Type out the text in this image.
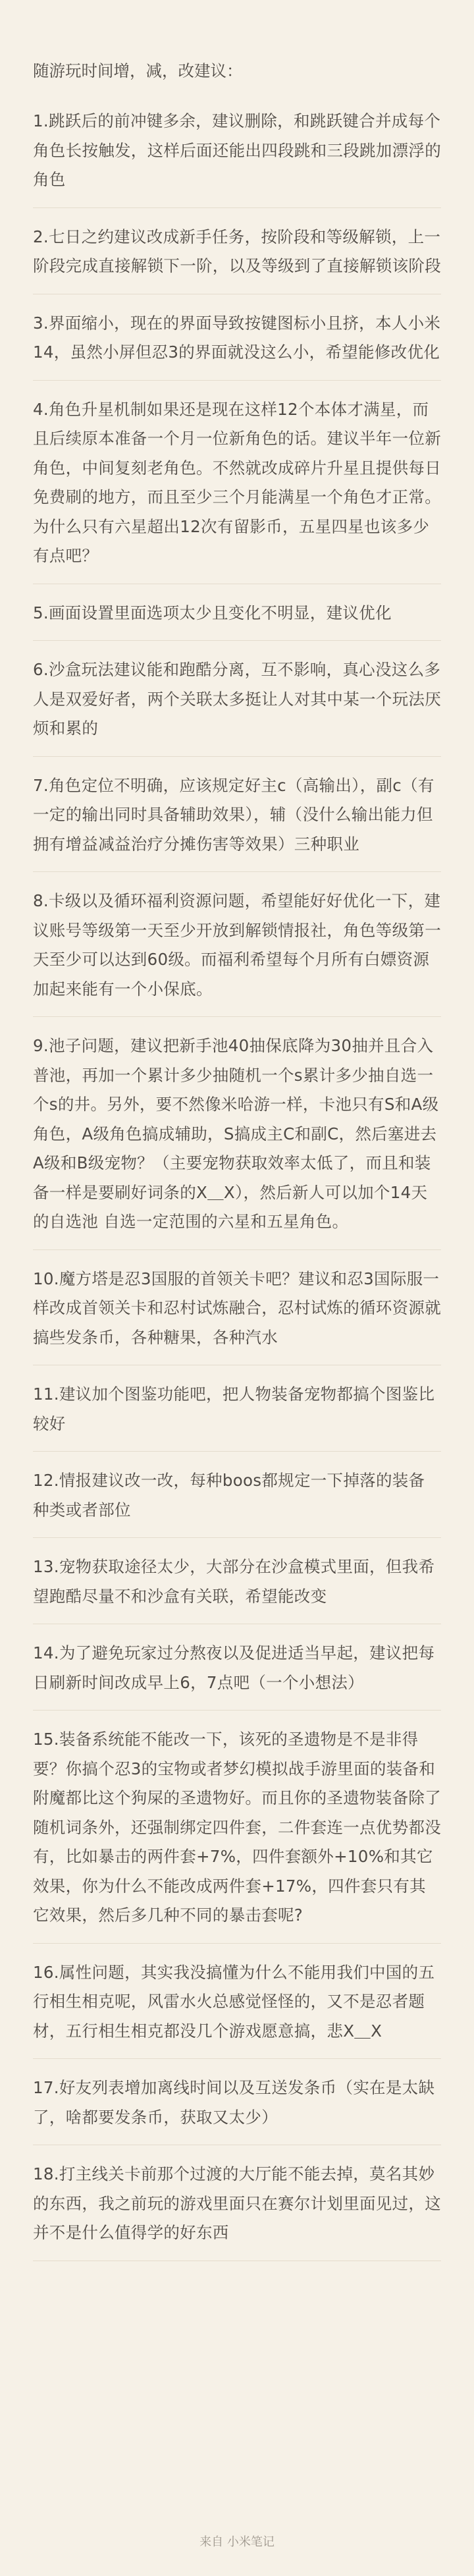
随游玩时间增，减，改建议：
1.跳跃后的前冲键多余，建议删除，和跳跃键合并成每个角色长按触发，这样后面还能出四段跳和三段跳加漂浮的角色
2.七日之约建议改成新手任务，按阶段和等级解锁，上一阶段完成直接解锁下一阶，以及等级到了直接解锁该阶段
3.界面缩小，现在的界面导致按键图标小且挤，本人小米14，虽然小屏但忍3的界面就没这么小，希望能修改优化
4.角色升星机制如果还是现在这样12个本体才满星，而且后续原本准备一个月一位新角色的话。建议半年一位新角色，中间复刻老角色。不然就改成碎片升星且提供每日免费刷的地方，而且至少三个月能满星一个角色才正常。为什么只有六星超出12次有留影币，五星四星也该多少有点吧？
5.画面设置里面选项太少且变化不明显，建议优化
6.沙盒玩法建议能和跑酷分离，互不影响，真心没这么多人是双爱好者，两个关联太多挺让人对其中某一个玩法厌烦和累的
7.角色定位不明确，应该规定好主c（高输出），副c（有一定的输出同时具备辅助效果），辅（没什么输出能力但拥有增益减益治疗分摊伤害等效果）三种职业
8.卡级以及循环福利资源问题，希望能好好优化一下，建议账号等级第一天至少开放到解锁情报社，角色等级第一天至少可以达到60级。而福利希望每个月所有白嫖资源加起来能有一个小保底。
9.池子问题，建议把新手池40抽保底降为30抽并且合入普池，再加一个累计多少抽随机一个s累计多少抽自选一个s的井。另外，要不然像米哈游一样，卡池只有S和A级角色，A级角色搞成辅助，S搞成主C和副C，然后塞进去A级和B级宠物？（主要宠物获取效率太低了，而且和装备一样是要刷好词条的X＿X），然后新人可以加个14天的自选池 自选一定范围的六星和五星角色。
10.魔方塔是忍3国服的首领关卡吧？建议和忍3国际服一样改成首领关卡和忍村试炼融合，忍村试炼的循环资源就搞些发条币，各种糖果，各种汽水
11.建议加个图鉴功能吧，把人物装备宠物都搞个图鉴比较好
12.情报建议改一改，每种boos都规定一下掉落的装备种类或者部位
13.宠物获取途径太少，大部分在沙盒模式里面，但我希望跑酷尽量不和沙盒有关联，希望能改变
14.为了避免玩家过分熬夜以及促进适当早起，建议把每日刷新时间改成早上6，7点吧（一个小想法）
15.装备系统能不能改一下，该死的圣遗物是不是非得要？你搞个忍3的宝物或者梦幻模拟战手游里面的装备和附魔都比这个狗屎的圣遗物好。而且你的圣遗物装备除了随机词条外，还强制绑定四件套，二件套连一点优势都没有，比如暴击的两件套+7%，四件套额外+10%和其它效果，你为什么不能改成两件套+17%，四件套只有其它效果，然后多几种不同的暴击套呢?
16.属性问题，其实我没搞懂为什么不能用我们中国的五行相生相克呢，风雷水火总感觉怪怪的，又不是忍者题材，五行相生相克都没几个游戏愿意搞，悲X＿X
17.好友列表增加离线时间以及互送发条币（实在是太缺了，啥都要发条币，获取又太少）
18.打主线关卡前那个过渡的大厅能不能去掉，莫名其妙的东西，我之前玩的游戏里面只在赛尔计划里面见过，这并不是什么值得学的好东西
来自 小米笔记
